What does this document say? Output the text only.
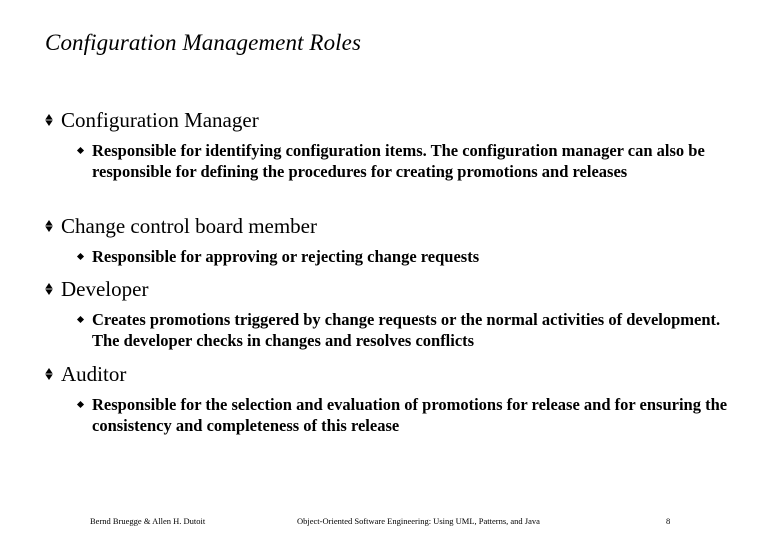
Configuration Management Roles
Configuration Manager
Responsible for identifying configuration items. The configuration manager can also be responsible for defining the procedures for creating promotions and releases
Change control board member
Responsible for approving or rejecting change requests
Developer
Creates promotions triggered by change requests or the normal activities of development. The developer checks in changes and resolves conflicts
Auditor
Responsible for the selection and evaluation of promotions for release and for ensuring the consistency and completeness of this release
Bernd Bruegge & Allen H. Dutoit	Object-Oriented Software Engineering: Using UML, Patterns, and Java	8
